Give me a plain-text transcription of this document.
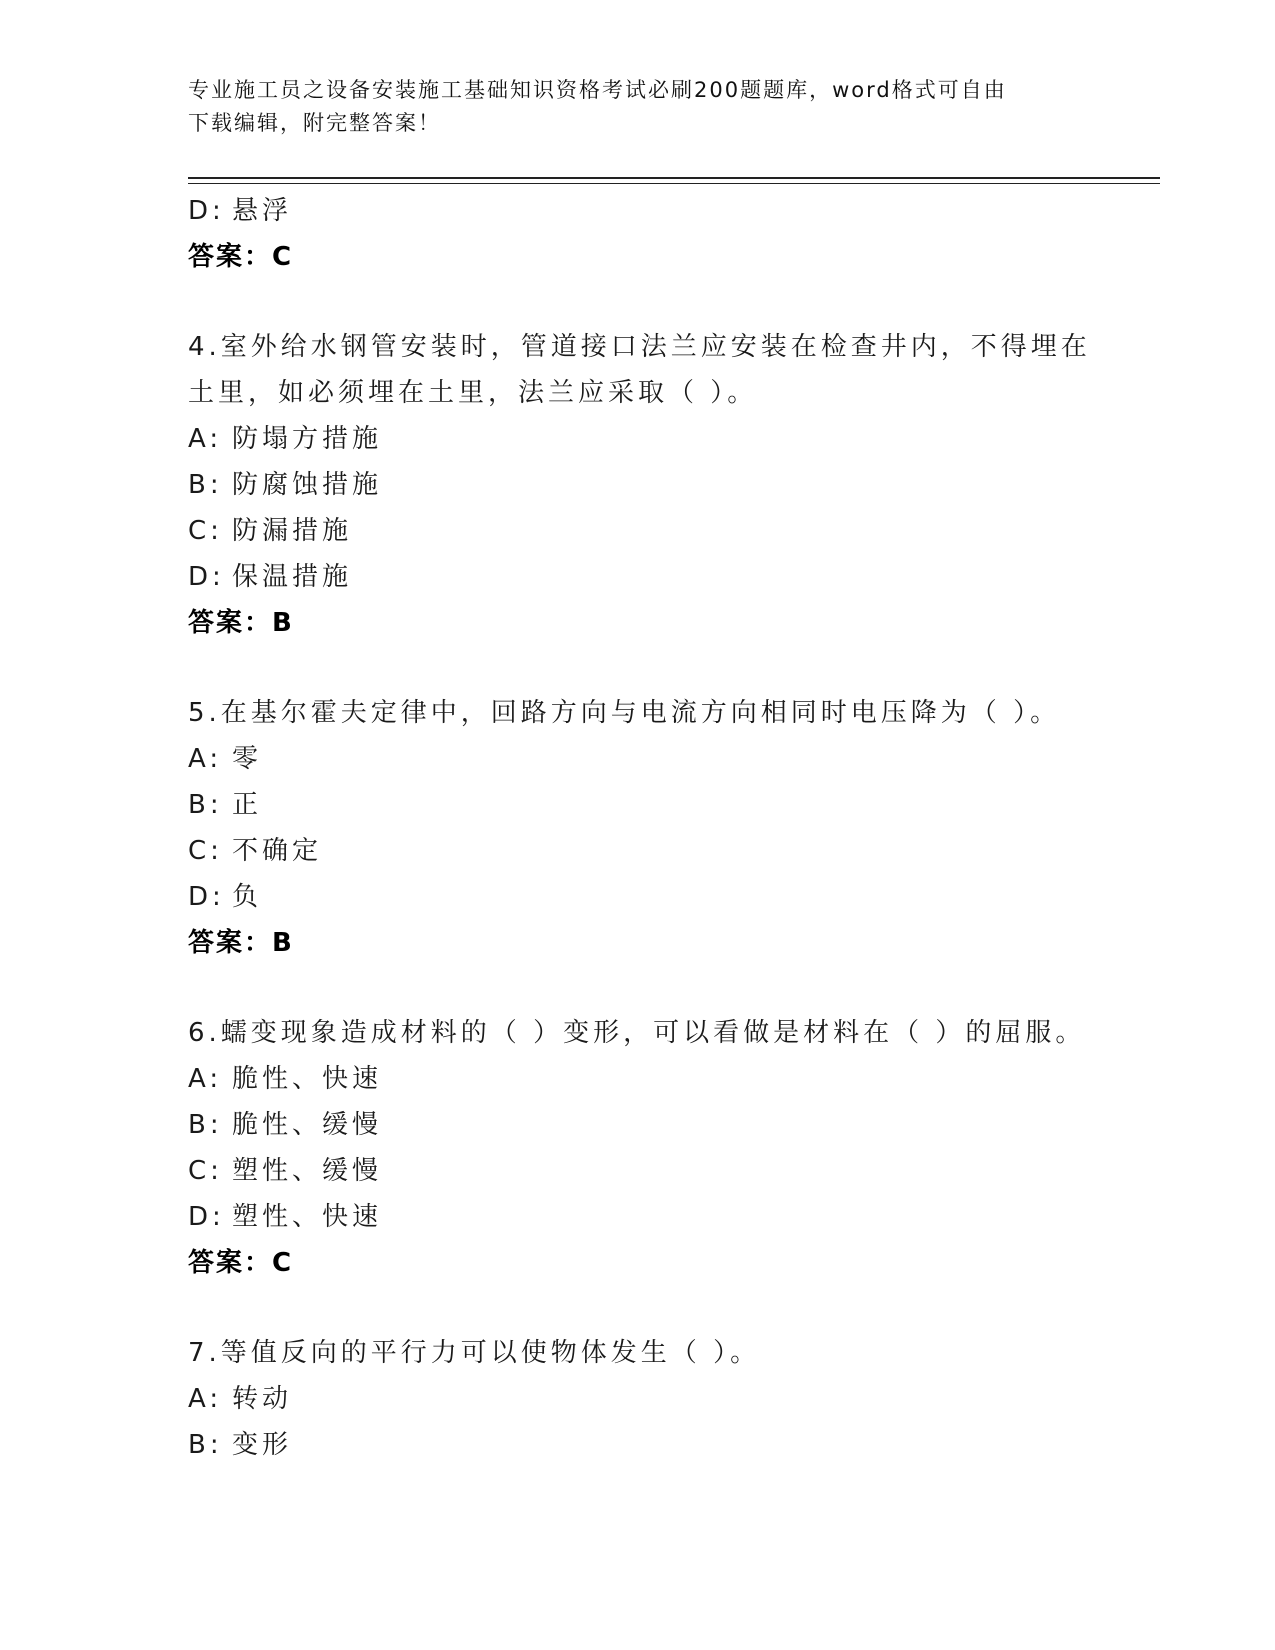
专业施工员之设备安装施工基础知识资格考试必刷200题题库，word格式可自由
下载编辑，附完整答案！
D: 悬浮
答案：C
4.室外给水钢管安装时，管道接口法兰应安装在检查井内，不得埋在
土里，如必须埋在土里，法兰应采取（ ）。
A: 防塌方措施
B: 防腐蚀措施
C: 防漏措施
D: 保温措施
答案：B
5.在基尔霍夫定律中，回路方向与电流方向相同时电压降为（ ）。
A: 零
B: 正
C: 不确定
D: 负
答案：B
6.蠕变现象造成材料的（ ）变形，可以看做是材料在（ ）的屈服。
A: 脆性、快速
B: 脆性、缓慢
C: 塑性、缓慢
D: 塑性、快速
答案：C
7.等值反向的平行力可以使物体发生（ ）。
A: 转动
B: 变形
